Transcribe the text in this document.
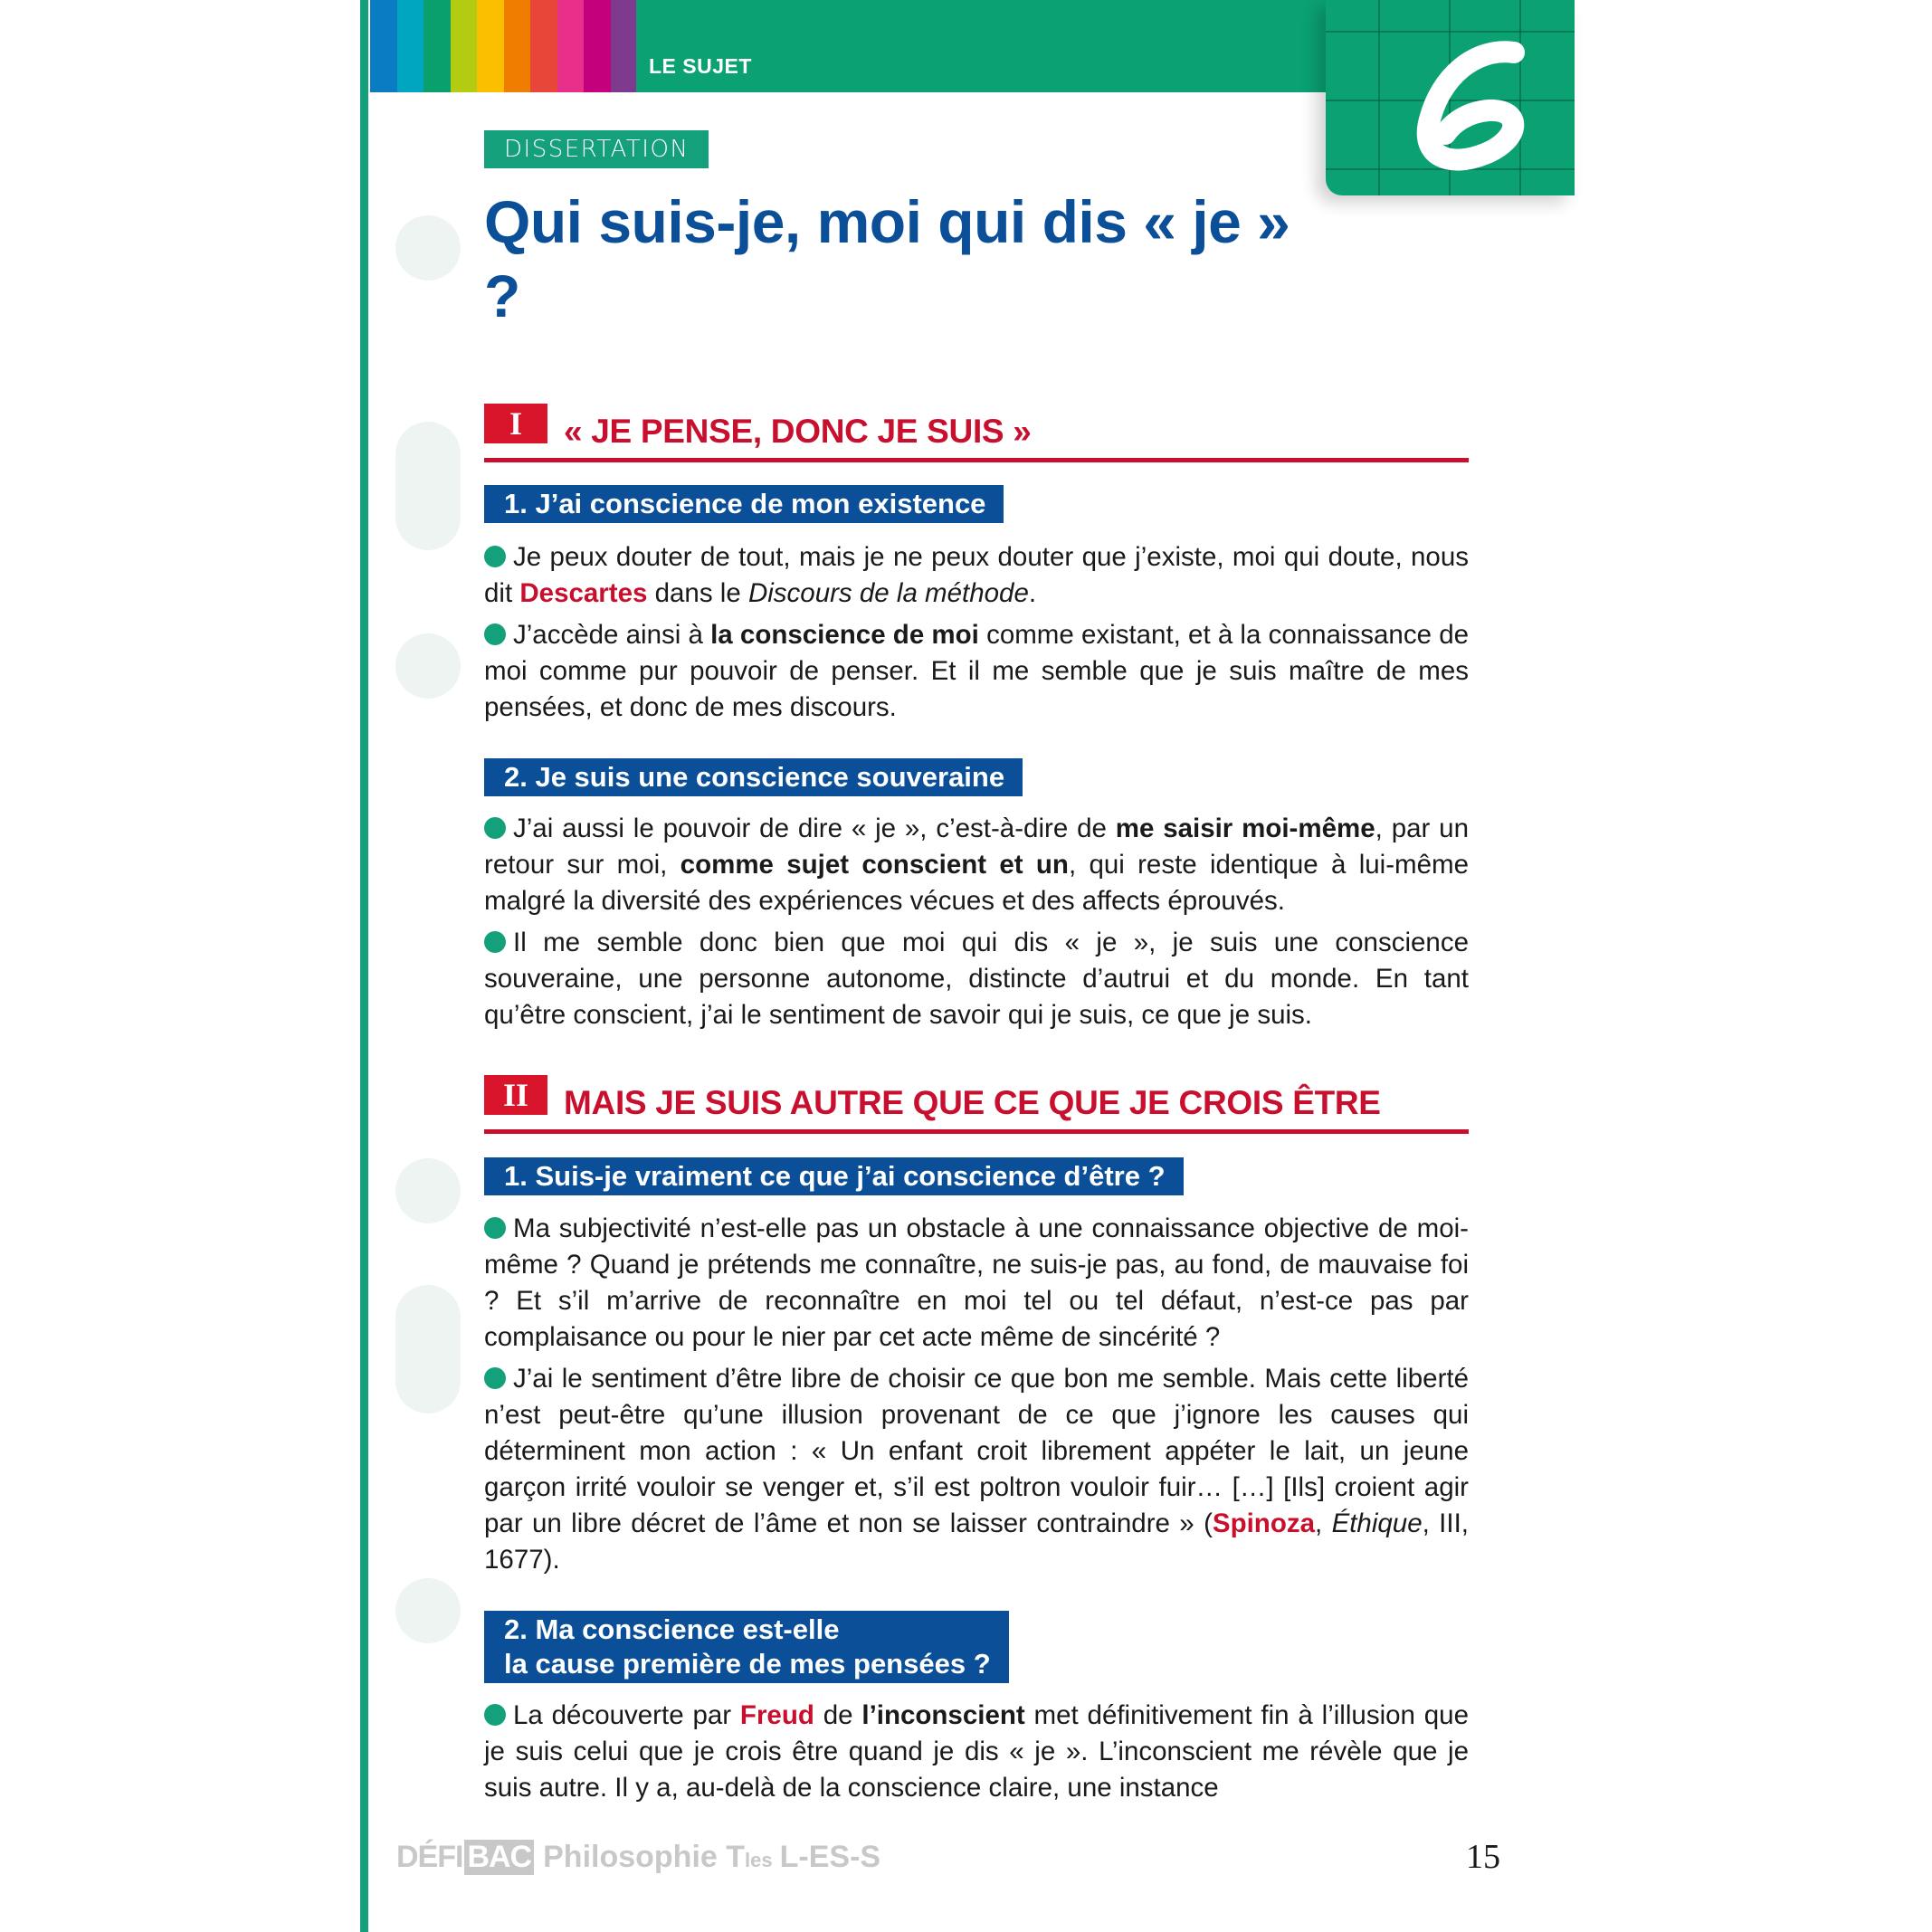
LE SUJET
DISSERTATION
Qui suis-je, moi qui dis « je » ?
I	« JE PENSE, DONC JE SUIS »
1. J’ai conscience de mon existence

Je peux douter de tout, mais je ne peux douter que j’existe, moi qui doute, nous dit Descartes dans le Discours de la méthode.

J’accède ainsi à la conscience de moi comme existant, et à la connaissance de moi comme pur pouvoir de penser. Et il me semble que je suis maître de mes pensées, et donc de mes discours.

2. Je suis une conscience souveraine

J’ai aussi le pouvoir de dire « je », c’est-à-dire de me saisir moi-même, par un retour sur moi, comme sujet conscient et un, qui reste identique à lui-même malgré la diversité des expériences vécues et des affects éprouvés.

Il me semble donc bien que moi qui dis « je », je suis une conscience souveraine, une personne autonome, distincte d’autrui et du monde. En tant qu’être conscient, j’ai le sentiment de savoir qui je suis, ce que je suis.

II	MAIS JE SUIS AUTRE QUE CE QUE JE CROIS ÊTRE
1. Suis-je vraiment ce que j’ai conscience d’être ?

Ma subjectivité n’est-elle pas un obstacle à une connaissance objective de moi-même ? Quand je prétends me connaître, ne suis-je pas, au fond, de mauvaise foi ? Et s’il m’arrive de reconnaître en moi tel ou tel défaut, n’est-ce pas par complaisance ou pour le nier par cet acte même de sincérité ?

J’ai le sentiment d’être libre de choisir ce que bon me semble. Mais cette liberté n’est peut-être qu’une illusion provenant de ce que j’ignore les causes qui déterminent mon action : « Un enfant croit librement appéter le lait, un jeune garçon irrité vouloir se venger et, s’il est poltron vouloir fuir… […] [Ils] croient agir par un libre décret de l’âme et non se laisser contraindre » (Spinoza, Éthique, III, 1677).

2. Ma conscience est-elle
la cause première de mes pensées ?

La découverte par Freud de l’inconscient met définitivement fin à l’illusion que je suis celui que je crois être quand je dis « je ». L’inconscient me révèle que je suis autre. Il y a, au-delà de la conscience claire, une instance

DÉFI BAC Philosophie T les L-ES-S	15
